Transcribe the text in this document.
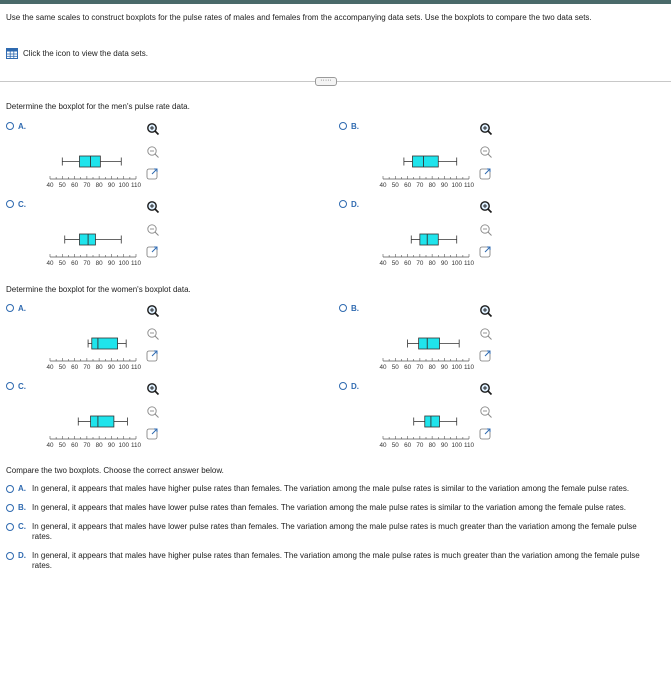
Use the same scales to construct boxplots for the pulse rates of males and females from the accompanying data sets. Use the boxplots to compare the two data sets.
Click the icon to view the data sets.
·····
Determine the boxplot for the men's pulse rate data.
A.	B.
C.	D.
40 50 60 70 80 90 100 110	40 50 60 70 80 90 100 110
40 50 60 70 80 90 100 110	40 50 60 70 80 90 100 110
Determine the boxplot for the women's boxplot data.
A.	B.
C.	D.
40 50 60 70 80 90 100 110	40 50 60 70 80 90 100 110
40 50 60 70 80 90 100 110	40 50 60 70 80 90 100 110
Compare the two boxplots. Choose the correct answer below.
A. In general, it appears that males have higher pulse rates than females. The variation among the male pulse rates is similar to the variation among the female pulse rates.
B. In general, it appears that males have lower pulse rates than females. The variation among the male pulse rates is similar to the variation among the female pulse rates.
C. In general, it appears that males have lower pulse rates than females. The variation among the male pulse rates is much greater than the variation among the female pulse rates.
D. In general, it appears that males have higher pulse rates than females. The variation among the male pulse rates is much greater than the variation among the female pulse rates.
